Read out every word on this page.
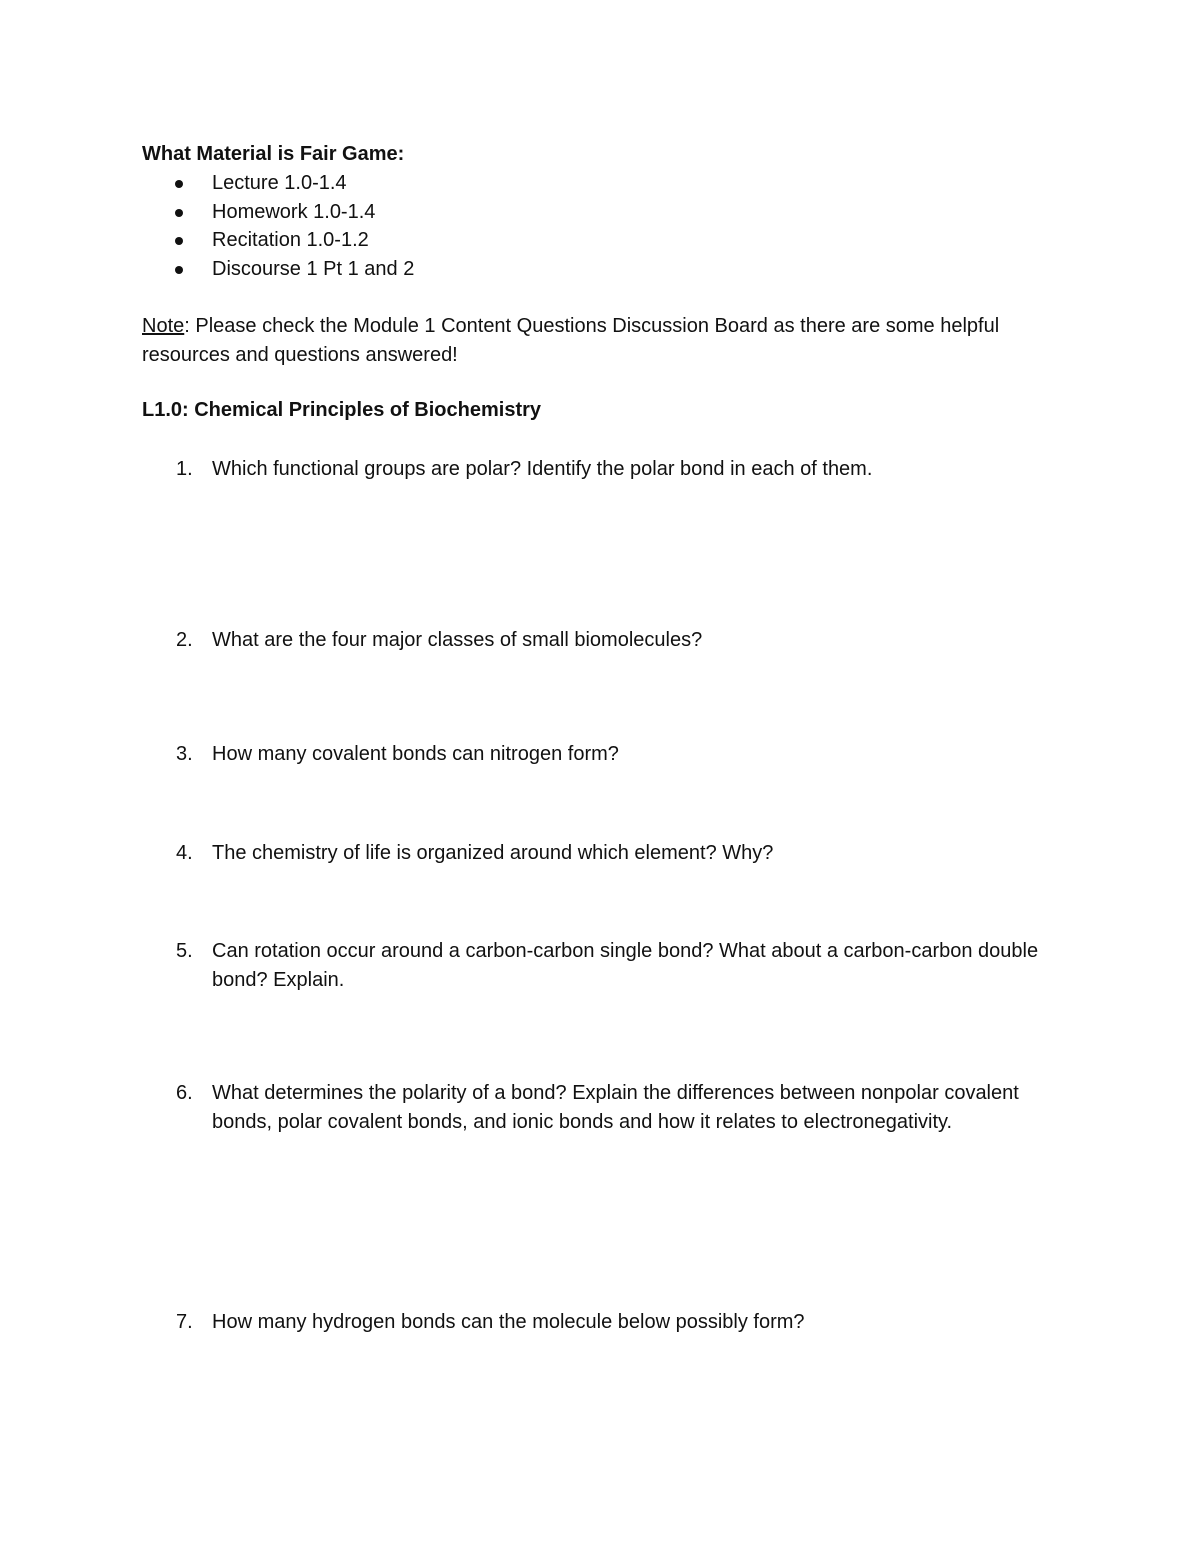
What Material is Fair Game:
Lecture 1.0-1.4
Homework 1.0-1.4
Recitation 1.0-1.2
Discourse 1 Pt 1 and 2
Note: Please check the Module 1 Content Questions Discussion Board as there are some helpful resources and questions answered!
L1.0: Chemical Principles of Biochemistry
1. Which functional groups are polar? Identify the polar bond in each of them.
2. What are the four major classes of small biomolecules?
3. How many covalent bonds can nitrogen form?
4. The chemistry of life is organized around which element? Why?
5. Can rotation occur around a carbon-carbon single bond? What about a carbon-carbon double bond? Explain.
6. What determines the polarity of a bond? Explain the differences between nonpolar covalent bonds, polar covalent bonds, and ionic bonds and how it relates to electronegativity.
7. How many hydrogen bonds can the molecule below possibly form?
